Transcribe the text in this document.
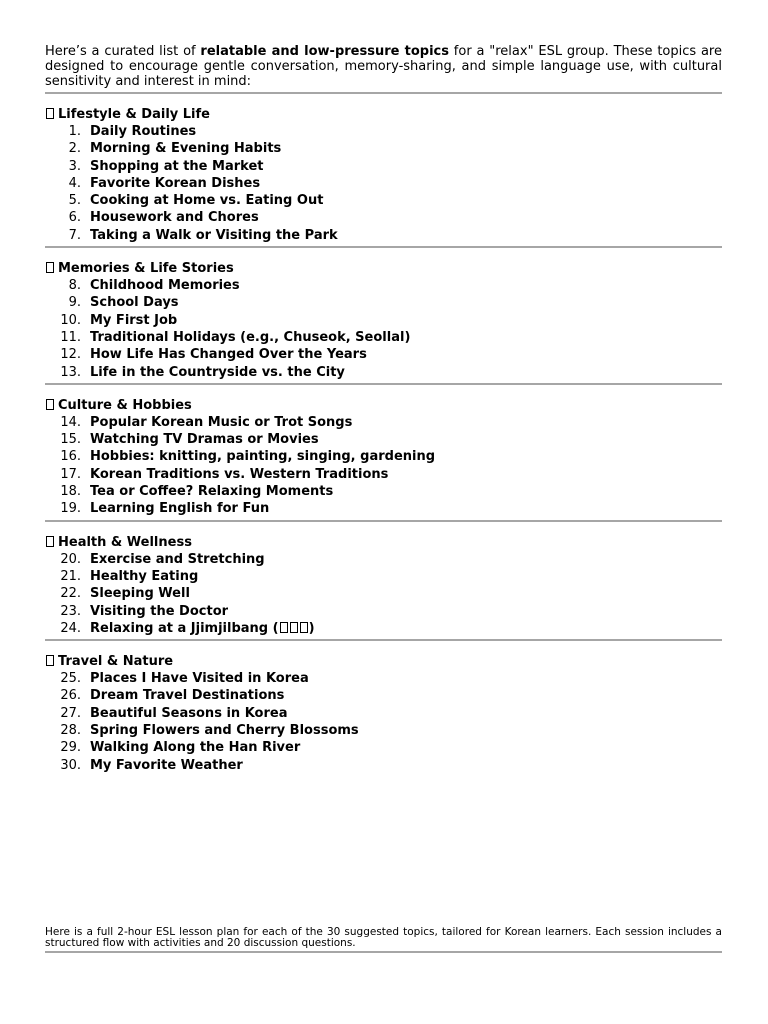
Here’s a curated list of relatable and low-pressure topics for a "relax" ESL group. These topics are designed to encourage gentle conversation, memory-sharing, and simple language use, with cultural sensitivity and interest in mind:

Lifestyle & Daily Life
1. Daily Routines
2. Morning & Evening Habits
3. Shopping at the Market
4. Favorite Korean Dishes
5. Cooking at Home vs. Eating Out
6. Housework and Chores
7. Taking a Walk or Visiting the Park
Memories & Life Stories
8. Childhood Memories
9. School Days
10. My First Job
11. Traditional Holidays (e.g., Chuseok, Seollal)
12. How Life Has Changed Over the Years
13. Life in the Countryside vs. the City
Culture & Hobbies
14. Popular Korean Music or Trot Songs
15. Watching TV Dramas or Movies
16. Hobbies: knitting, painting, singing, gardening
17. Korean Traditions vs. Western Traditions
18. Tea or Coffee? Relaxing Moments
19. Learning English for Fun
Health & Wellness
20. Exercise and Stretching
21. Healthy Eating
22. Sleeping Well
23. Visiting the Doctor
24. Relaxing at a Jjimjilbang ( )
Travel & Nature
25. Places I Have Visited in Korea
26. Dream Travel Destinations
27. Beautiful Seasons in Korea
28. Spring Flowers and Cherry Blossoms
29. Walking Along the Han River
30. My Favorite Weather

Here is a full 2-hour ESL lesson plan for each of the 30 suggested topics, tailored for Korean learners. Each session includes a structured flow with activities and 20 discussion questions.
